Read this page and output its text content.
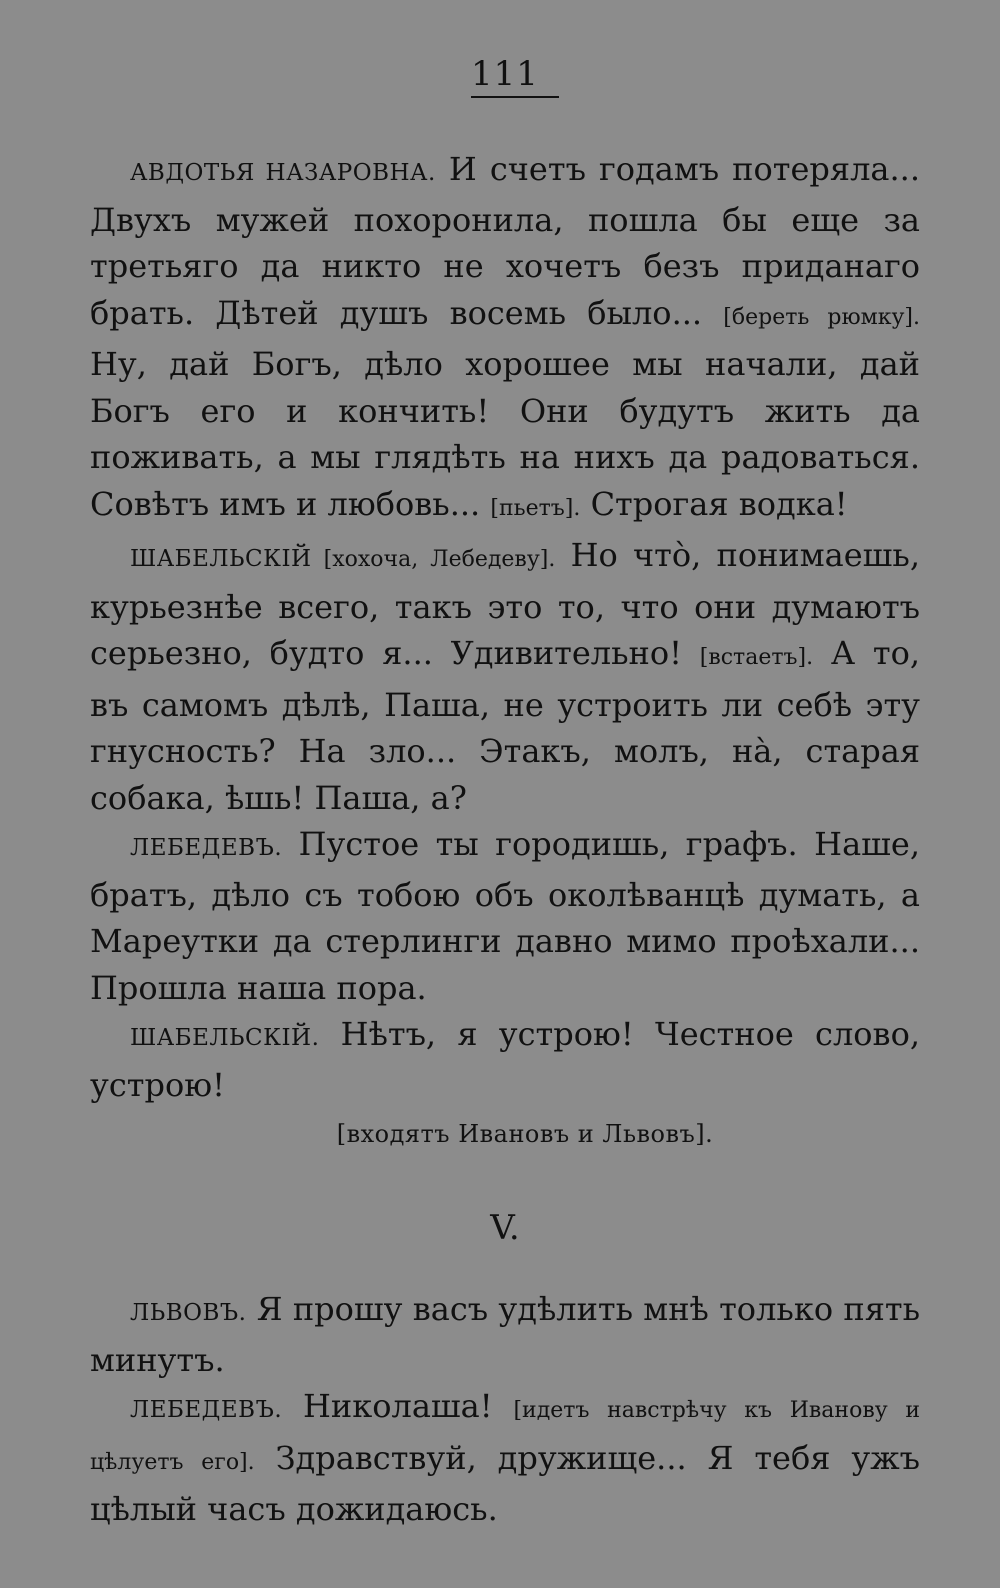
111

АВДОТЬЯ НАЗАРОВНА. И счетъ годамъ потеряла... Двухъ мужей похоронила, пошла бы еще за третьяго да никто не хочетъ безъ приданаго брать. Дѣтей душъ восемь было... [береть рюмку]. Ну, дай Богъ, дѣло хорошее мы начали, дай Богъ его и кончить! Они будутъ жить да поживать, а мы глядѣть на нихъ да радоваться. Совѣтъ имъ и любовь... [пьетъ]. Строгая водка!

ШАБЕЛЬСКІЙ [хохоча, Лебедеву]. Но что̀, понимаешь, курьезнѣе всего, такъ это то, что они думаютъ серьезно, будто я... Удивительно! [встаетъ]. А то, въ самомъ дѣлѣ, Паша, не устроить ли себѣ эту гнусность? На зло... Этакъ, молъ, на̀, старая собака, ѣшь! Паша, а?

ЛЕБЕДЕВЪ. Пустое ты городишь, графъ. Наше, братъ, дѣло съ тобою объ околѣванцѣ думать, а Мареутки да стерлинги давно мимо проѣхали... Прошла наша пора.

ШАБЕЛЬСКІЙ. Нѣтъ, я устрою! Честное слово, устрою!

[входятъ Ивановъ и Львовъ].
V.

ЛЬВОВЪ. Я прошу васъ удѣлить мнѣ только пять минутъ.

ЛЕБЕДЕВЪ. Николаша! [идетъ навстрѣчу къ Иванову и цѣлуетъ его]. Здравствуй, дружище... Я тебя ужъ цѣлый часъ дожидаюсь.
